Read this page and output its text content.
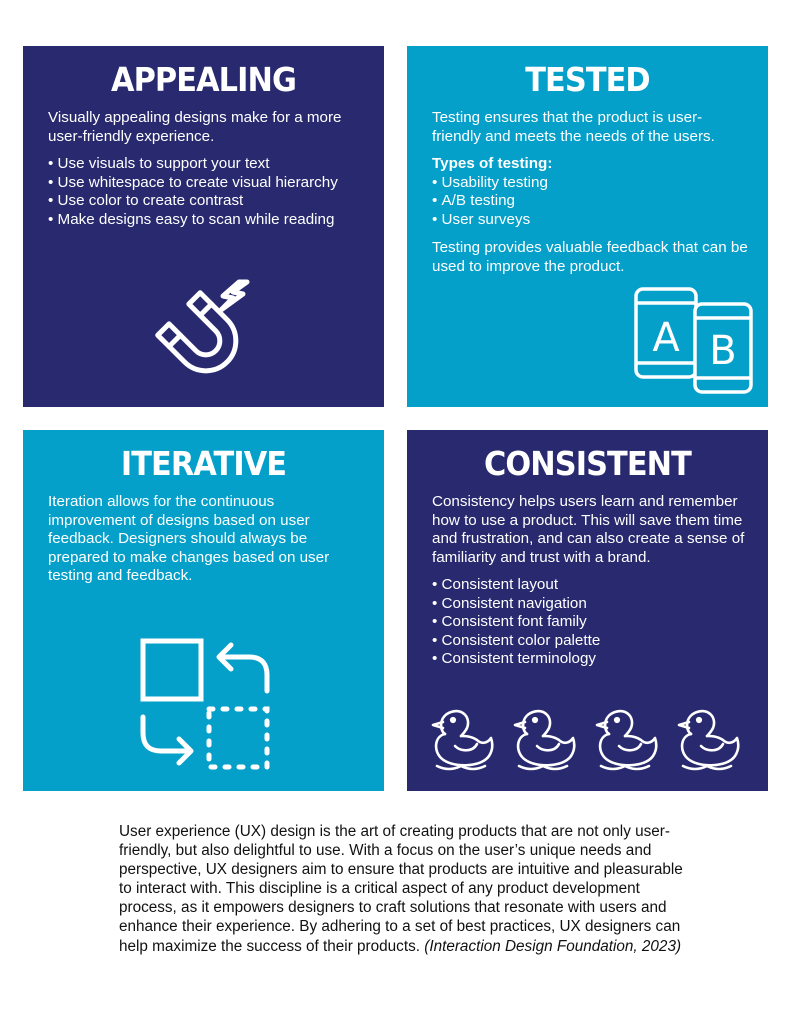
APPEALING

Visually appealing designs make for a more user-friendly experience.

• Use visuals to support your text
• Use whitespace to create visual hierarchy
• Use color to create contrast
• Make designs easy to scan while reading
TESTED

Testing ensures that the product is user-friendly and meets the needs of the users.

Types of testing:
• Usability testing
• A/B testing
• User surveys

Testing provides valuable feedback that can be used to improve the product.

A B
ITERATIVE

Iteration allows for the continuous improvement of designs based on user feedback. Designers should always be prepared to make changes based on user testing and feedback.

CONSISTENT

Consistency helps users learn and remember how to use a product. This will save them time and frustration, and can also create a sense of familiarity and trust with a brand.

• Consistent layout
• Consistent navigation
• Consistent font family
• Consistent color palette
• Consistent terminology

User experience (UX) design is the art of creating products that are not only user-friendly, but also delightful to use. With a focus on the user’s unique needs and perspective, UX designers aim to ensure that products are intuitive and pleasurable to interact with. This discipline is a critical aspect of any product development process, as it empowers designers to craft solutions that resonate with users and enhance their experience. By adhering to a set of best practices, UX designers can help maximize the success of their products. (Interaction Design Foundation, 2023)
